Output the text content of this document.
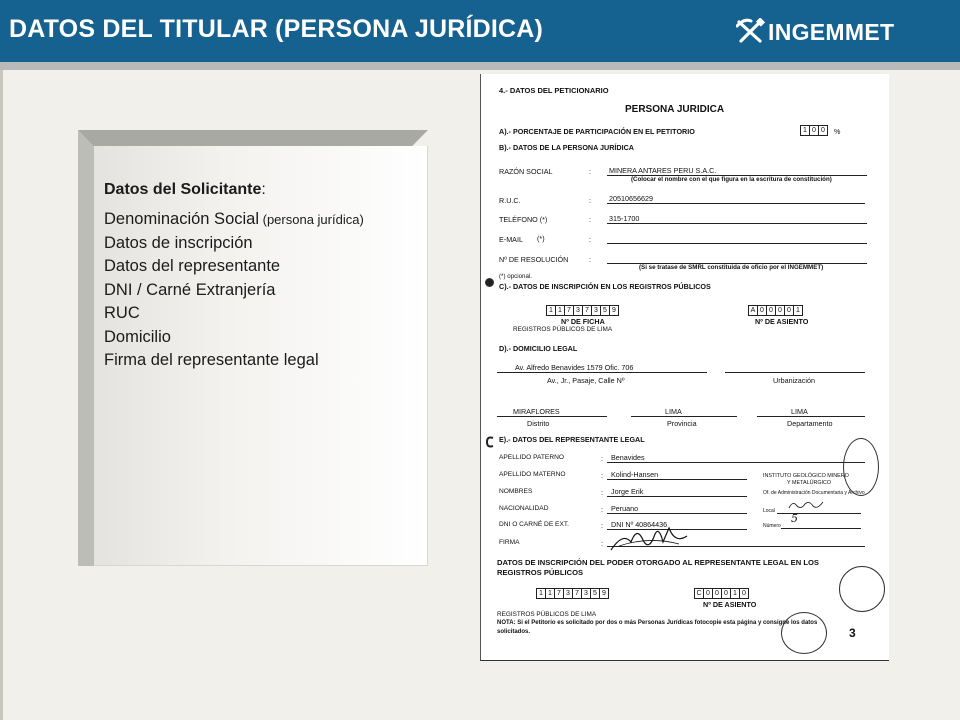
DATOS DEL TITULAR (PERSONA JURÍDICA)	INGEMMET
Datos del Solicitante:
Denominación Social (persona jurídica)
Datos de inscripción
Datos del representante
DNI / Carné Extranjería
RUC
Domicilio
Firma del representante legal
4.- DATOS DEL PETICIONARIO
PERSONA JURIDICA
A).- PORCENTAJE DE PARTICIPACIÓN EN EL PETITORIO	1 0 0	%
B).- DATOS DE LA PERSONA JURÍDICA
RAZÓN SOCIAL	:	MINERA ANTARES PERU S.A.C.
(Colocar el nombre con el que figura en la escritura de constitución)
R.U.C.	:	20510656629
TELÉFONO (*)	:	315-1700
E-MAIL (*)	:
Nº DE RESOLUCIÓN	:
(Si se tratase de SMRL constituida de oficio por el INGEMMET)
(*) opcional.
C).- DATOS DE INSCRIPCIÓN EN LOS REGISTROS PÚBLICOS
1 1 7 3 7 3 5 9
Nº DE FICHA
A 0 0 0 0 1
Nº DE ASIENTO
REGISTROS PÚBLICOS DE LIMA
D).- DOMICILIO LEGAL
Av. Alfredo Benavides 1579 Ofic. 706
Av., Jr., Pasaje, Calle Nº	Urbanización
MIRAFLORES	LIMA	LIMA
Distrito	Provincia	Departamento
E).- DATOS DEL REPRESENTANTE LEGAL
APELLIDO PATERNO	: Benavides
APELLIDO MATERNO	: Kolind-Hansen
NOMBRES	: Jorge Erik
NACIONALIDAD	: Peruano
DNI O CARNÉ DE EXT.	: DNI Nº 40864436
FIRMA	:
INSTITUTO GEOLÓGICO MINERO
Y METALÚRGICO
Of. de Administración Documentaria y Archivo
Local
Número
5
DATOS DE INSCRIPCIÓN DEL PODER OTORGADO AL REPRESENTANTE LEGAL EN LOS
REGISTROS PÚBLICOS
1 1 7 3 7 3 5 9	C 0 0 0 1 0
Nº DE ASIENTO
REGISTROS PÚBLICOS DE LIMA
NOTA: Si el Petitorio es solicitado por dos o más Personas Jurídicas fotocopie esta página y consigne los datos
solicitados.	3
